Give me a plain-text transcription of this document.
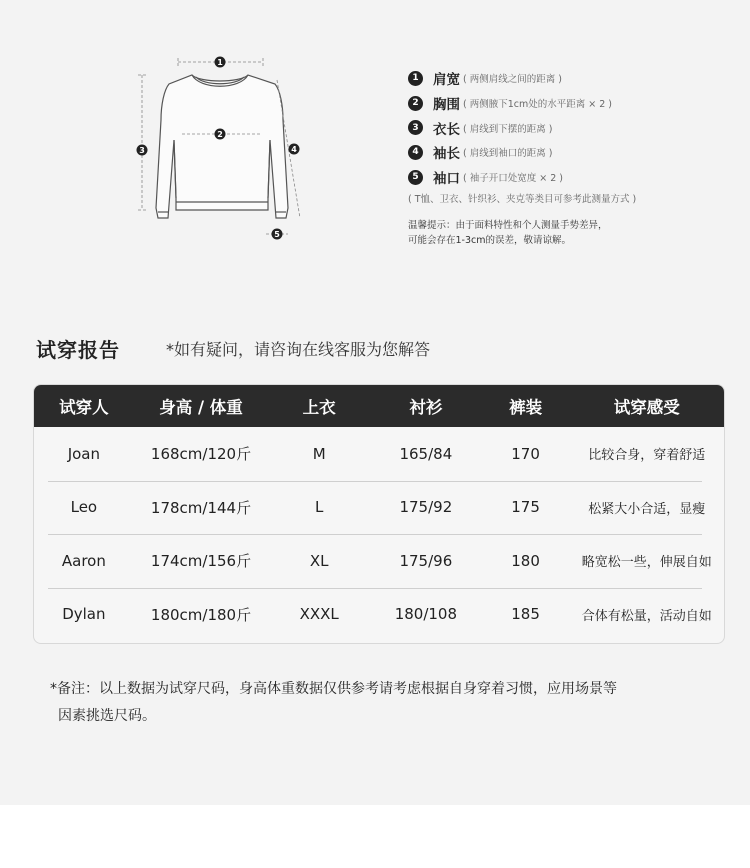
1
2
3	4
5
1	肩宽 ( 两侧肩线之间的距离 )
2	胸围 ( 两侧腋下1cm处的水平距离 × 2 )
3	衣长 ( 肩线到下摆的距离 )
4	袖长 ( 肩线到袖口的距离 )
5	袖口 ( 袖子开口处宽度 × 2 )
( T恤、卫衣、针织衫、夹克等类目可参考此测量方式 )
温馨提示：由于面料特性和个人测量手势差异，
可能会存在1-3cm的误差，敬请谅解。
试穿报告	*如有疑问，请咨询在线客服为您解答
试穿人	身高 / 体重	上衣	衬衫	裤装	试穿感受
Joan	168cm/120斤	M	165/84	170	比较合身，穿着舒适
Leo	178cm/144斤	L	175/92	175	松紧大小合适，显瘦
Aaron	174cm/156斤	XL	175/96	180	略宽松一些，伸展自如
Dylan	180cm/180斤	XXXL	180/108	185	合体有松量，活动自如
*备注：以上数据为试穿尺码，身高体重数据仅供参考请考虑根据自身穿着习惯，应用场景等
因素挑选尺码。
